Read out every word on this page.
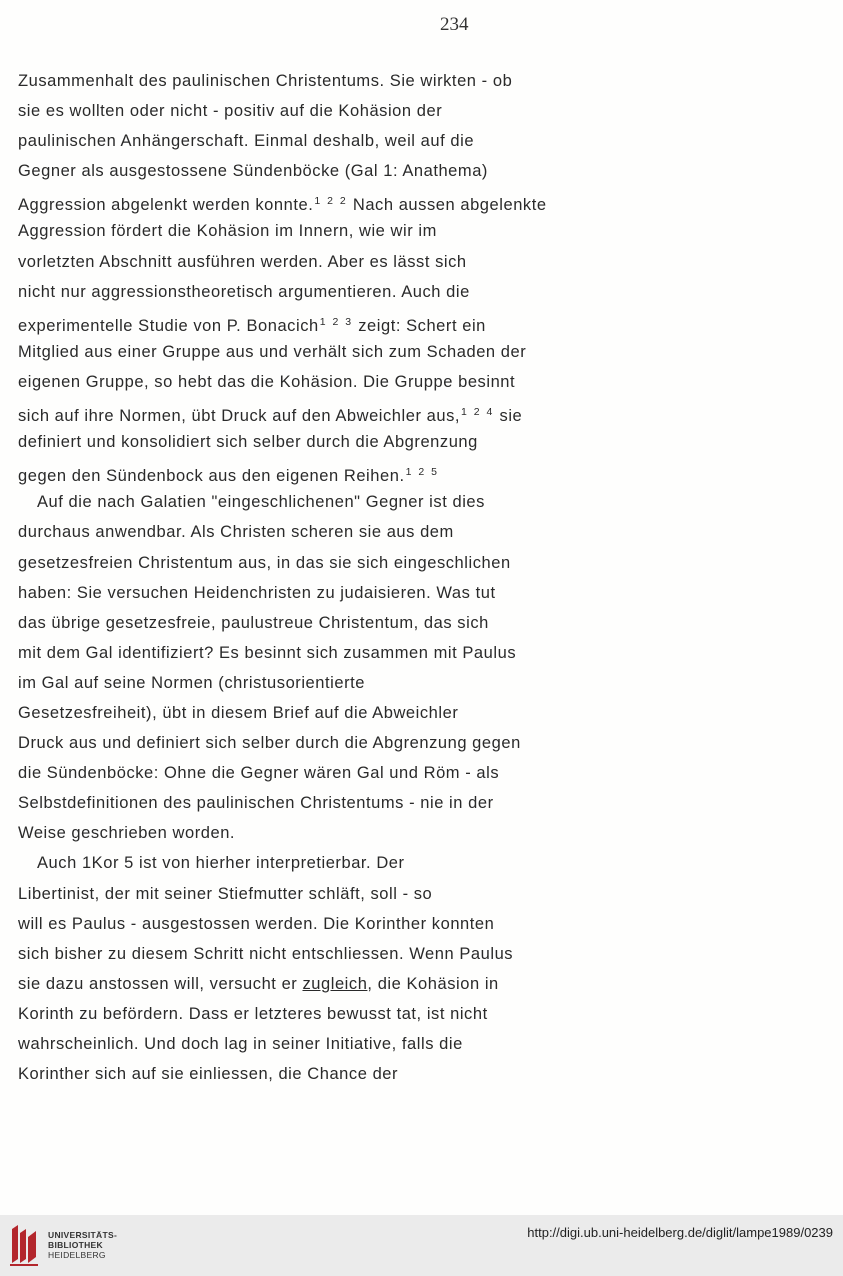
234
Zusammenhalt des paulinischen Christentums. Sie wirkten - ob
sie es wollten oder nicht - positiv auf die Kohäsion der
paulinischen Anhängerschaft. Einmal deshalb, weil auf die
Gegner als ausgestossene Sündenböcke (Gal 1: Anathema)
Aggression abgelenkt werden konnte.$^{1 2 2}$ Nach aussen abgelenkte
Aggression fördert die Kohäsion im Innern, wie wir im
vorletzten Abschnitt ausführen werden. Aber es lässt sich
nicht nur aggressionstheoretisch argumentieren. Auch die
experimentelle Studie von P. Bonacich$^{1 2 3}$ zeigt: Schert ein
Mitglied aus einer Gruppe aus und verhält sich zum Schaden der
eigenen Gruppe, so hebt das die Kohäsion. Die Gruppe besinnt
sich auf ihre Normen, übt Druck auf den Abweichler aus,$^{1 2 4}$ sie
definiert und konsolidiert sich selber durch die Abgrenzung
gegen den Sündenbock aus den eigenen Reihen.$^{1 2 5}$
Auf die nach Galatien "eingeschlichenen" Gegner ist dies
durchaus anwendbar. Als Christen scheren sie aus dem
gesetzesfreien Christentum aus, in das sie sich eingeschlichen
haben: Sie versuchen Heidenchristen zu judaisieren. Was tut
das übrige gesetzesfreie, paulustreue Christentum, das sich
mit dem Gal identifiziert? Es besinnt sich zusammen mit Paulus
im Gal auf seine Normen (christusorientierte
Gesetzesfreiheit), übt in diesem Brief auf die Abweichler
Druck aus und definiert sich selber durch die Abgrenzung gegen
die Sündenböcke: Ohne die Gegner wären Gal und Röm - als
Selbstdefinitionen des paulinischen Christentums - nie in der
Weise geschrieben worden.
Auch 1Kor 5 ist von hierher interpretierbar. Der
Libertinist, der mit seiner Stiefmutter schläft, soll - so
will es Paulus - ausgestossen werden. Die Korinther konnten
sich bisher zu diesem Schritt nicht entschliessen. Wenn Paulus
sie dazu anstossen will, versucht er zugleich, die Kohäsion in
Korinth zu befördern. Dass er letzteres bewusst tat, ist nicht
wahrscheinlich. Und doch lag in seiner Initiative, falls die
Korinther sich auf sie einliessen, die Chance der
UNIVERSITÄTS-
BIBLIOTHEK
HEIDELBERG
http://digi.ub.uni-heidelberg.de/diglit/lampe1989/0239
